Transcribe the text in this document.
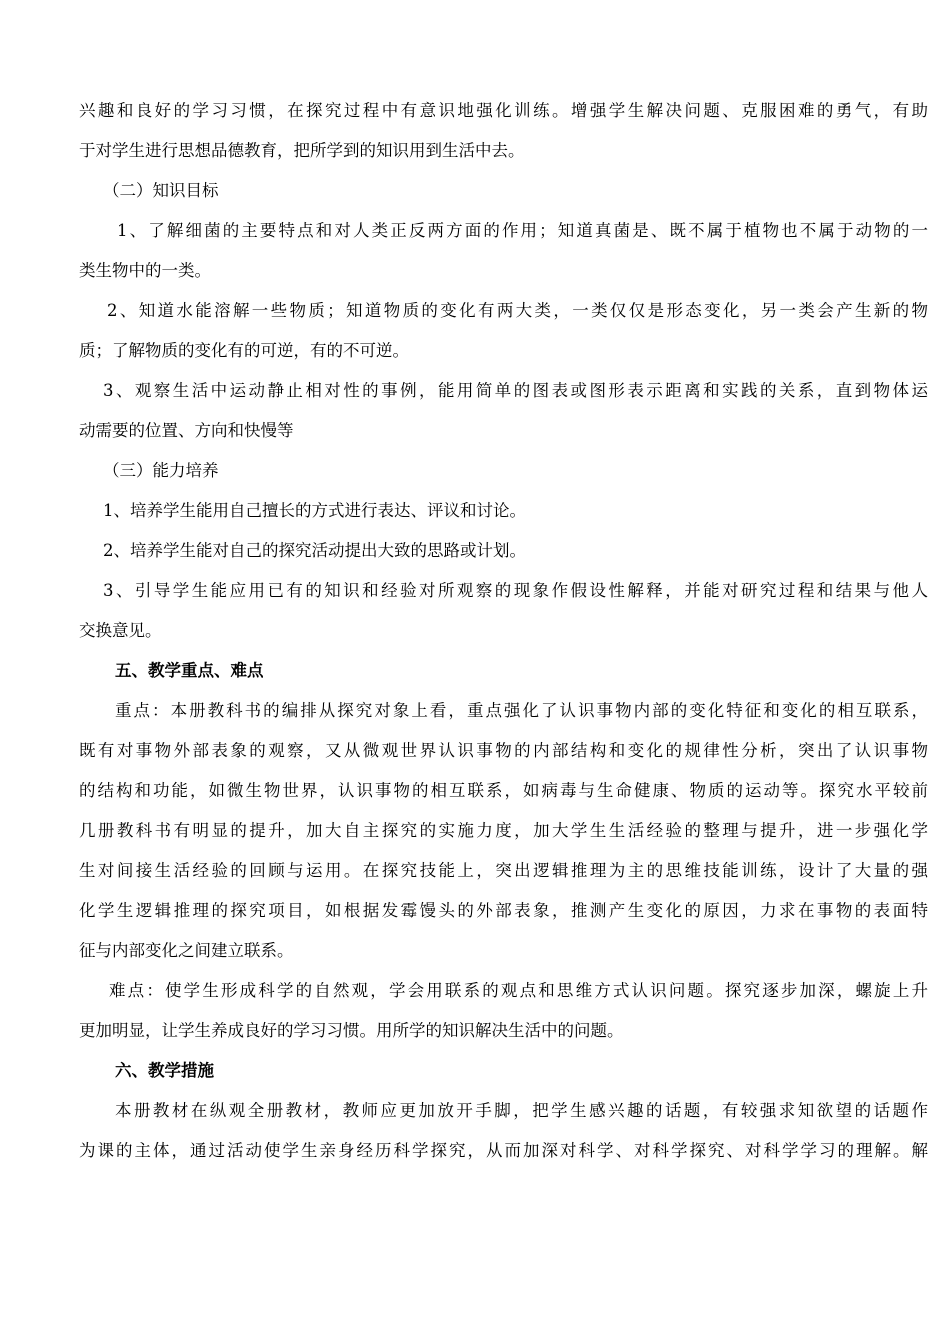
兴趣和良好的学习习惯，在探究过程中有意识地强化训练。增强学生解决问题、克服困难的勇气，有助
于对学生进行思想品德教育，把所学到的知识用到生活中去。
（二）知识目标
1、了解细菌的主要特点和对人类正反两方面的作用；知道真菌是、既不属于植物也不属于动物的一
类生物中的一类。
2、知道水能溶解一些物质；知道物质的变化有两大类，一类仅仅是形态变化，另一类会产生新的物
质；了解物质的变化有的可逆，有的不可逆。
3、观察生活中运动静止相对性的事例，能用简单的图表或图形表示距离和实践的关系，直到物体运
动需要的位置、方向和快慢等
（三）能力培养
1、培养学生能用自己擅长的方式进行表达、评议和讨论。
2、培养学生能对自己的探究活动提出大致的思路或计划。
3、引导学生能应用已有的知识和经验对所观察的现象作假设性解释，并能对研究过程和结果与他人
交换意见。
五、教学重点、难点
重点：本册教科书的编排从探究对象上看，重点强化了认识事物内部的变化特征和变化的相互联系，
既有对事物外部表象的观察，又从微观世界认识事物的内部结构和变化的规律性分析，突出了认识事物
的结构和功能，如微生物世界，认识事物的相互联系，如病毒与生命健康、物质的运动等。探究水平较前
几册教科书有明显的提升，加大自主探究的实施力度，加大学生生活经验的整理与提升，进一步强化学
生对间接生活经验的回顾与运用。在探究技能上，突出逻辑推理为主的思维技能训练，设计了大量的强
化学生逻辑推理的探究项目，如根据发霉馒头的外部表象，推测产生变化的原因，力求在事物的表面特
征与内部变化之间建立联系。
难点：使学生形成科学的自然观，学会用联系的观点和思维方式认识问题。探究逐步加深，螺旋上升
更加明显，让学生养成良好的学习习惯。用所学的知识解决生活中的问题。
六、教学措施
本册教材在纵观全册教材，教师应更加放开手脚，把学生感兴趣的话题，有较强求知欲望的话题作
为课的主体，通过活动使学生亲身经历科学探究，从而加深对科学、对科学探究、对科学学习的理解。解
